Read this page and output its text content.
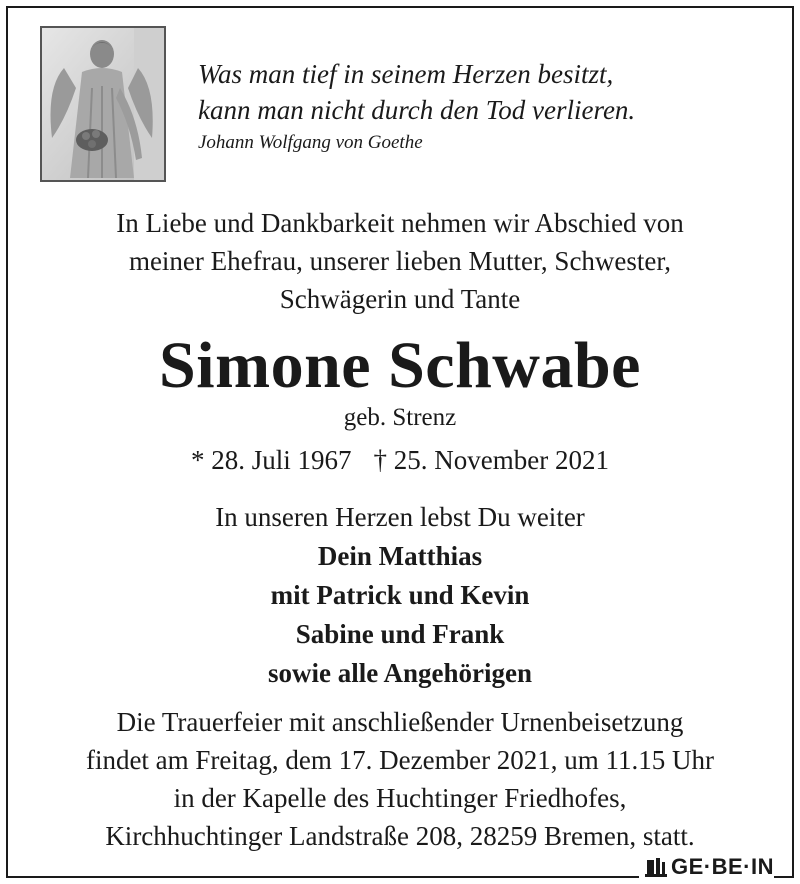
Was man tief in seinem Herzen besitzt,
kann man nicht durch den Tod verlieren.
Johann Wolfgang von Goethe
In Liebe und Dankbarkeit nehmen wir Abschied von
meiner Ehefrau, unserer lieben Mutter, Schwester,
Schwägerin und Tante
Simone Schwabe
geb. Strenz
* 28. Juli 1967 † 25. November 2021
In unseren Herzen lebst Du weiter
Dein Matthias
mit Patrick und Kevin
Sabine und Frank
sowie alle Angehörigen
Die Trauerfeier mit anschließender Urnenbeisetzung
findet am Freitag, dem 17. Dezember 2021, um 11.15 Uhr
in der Kapelle des Huchtinger Friedhofes,
Kirchhuchtinger Landstraße 208, 28259 Bremen, statt.
GE·BE·IN
